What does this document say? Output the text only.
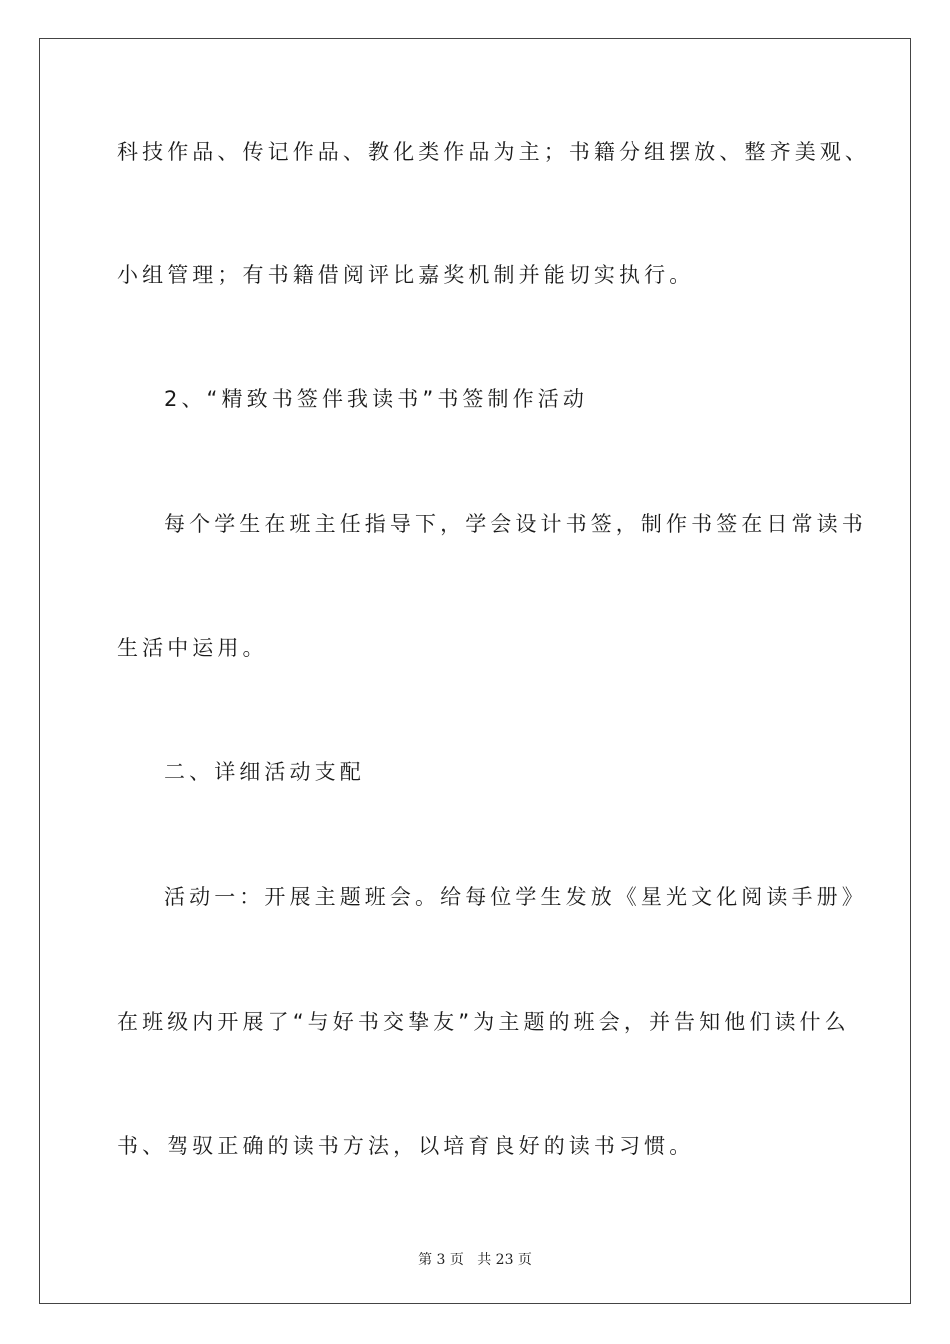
科技作品、传记作品、教化类作品为主；书籍分组摆放、整齐美观、
小组管理；有书籍借阅评比嘉奖机制并能切实执行。
2、“精致书签伴我读书”书签制作活动
每个学生在班主任指导下，学会设计书签，制作书签在日常读书
生活中运用。
二、详细活动支配
活动一：开展主题班会。给每位学生发放《星光文化阅读手册》
在班级内开展了“与好书交挚友”为主题的班会，并告知他们读什么
书、驾驭正确的读书方法，以培育良好的读书习惯。
第 3 页   共 23 页
